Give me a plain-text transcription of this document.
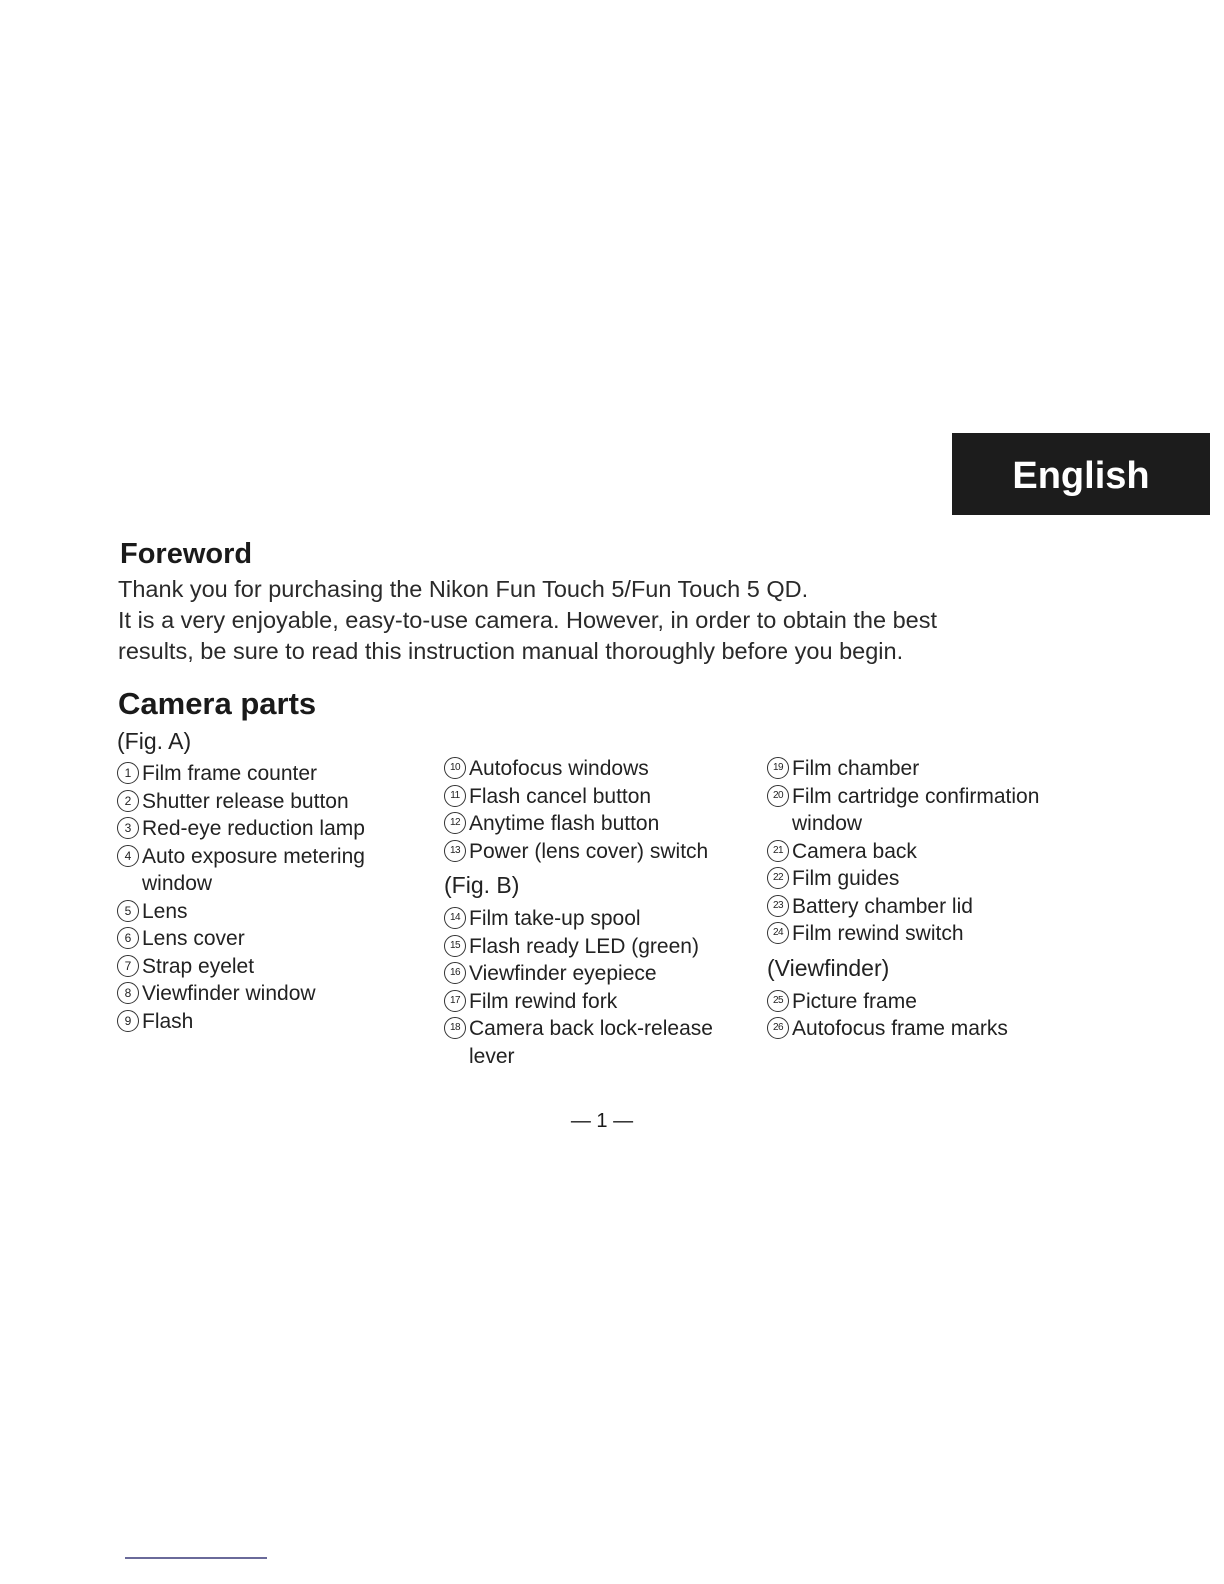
English
Foreword
Thank you for purchasing the Nikon Fun Touch 5/Fun Touch 5 QD.
It is a very enjoyable, easy-to-use camera. However, in order to obtain the best
results, be sure to read this instruction manual thoroughly before you begin.
Camera parts
(Fig. A)
1 Film frame counter
2 Shutter release button
3 Red-eye reduction lamp
4 Auto exposure metering window
5 Lens
6 Lens cover
7 Strap eyelet
8 Viewfinder window
9 Flash
10 Autofocus windows
11 Flash cancel button
12 Anytime flash button
13 Power (lens cover) switch
(Fig. B)
14 Film take-up spool
15 Flash ready LED (green)
16 Viewfinder eyepiece
17 Film rewind fork
18 Camera back lock-release lever
19 Film chamber
20 Film cartridge confirmation window
21 Camera back
22 Film guides
23 Battery chamber lid
24 Film rewind switch
(Viewfinder)
25 Picture frame
26 Autofocus frame marks
— 1 —
